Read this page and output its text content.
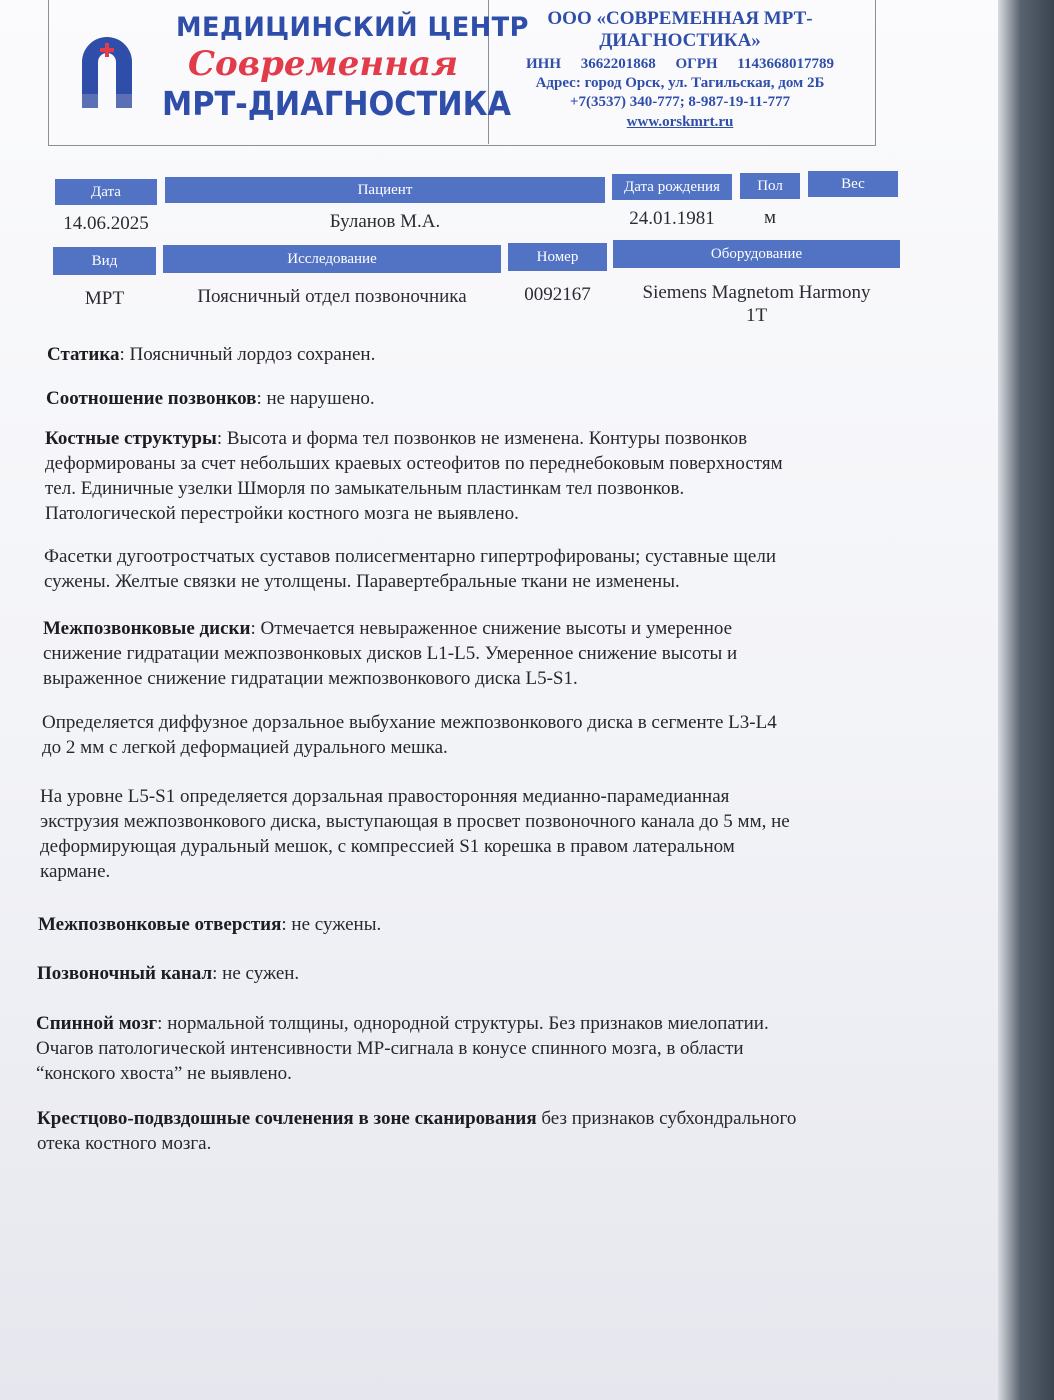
МЕДИЦИНСКИЙ ЦЕНТР
Современная
МРТ-ДИАГНОСТИКА
ООО «СОВРЕМЕННАЯ МРТ-ДИАГНОСТИКА»
ИНН 3662201868 ОГРН 1143668017789
Адрес: город Орск, ул. Тагильская, дом 2Б
+7(3537) 340-777; 8-987-19-11-777
www.orskmrt.ru
Дата	Пациент	Дата рождения	Пол	Вес
14.06.2025	Буланов М.А.	24.01.1981	м
Вид	Исследование	Номер	Оборудование
МРТ	Поясничный отдел позвоночника	0092167	Siemens Magnetom Harmony
1T

Статика: Поясничный лордоз сохранен.

Соотношение позвонков: не нарушено.

Костные структуры: Высота и форма тел позвонков не изменена. Контуры позвонков
деформированы за счет небольших краевых остеофитов по переднебоковым поверхностям
тел. Единичные узелки Шморля по замыкательным пластинкам тел позвонков.
Патологической перестройки костного мозга не выявлено.

Фасетки дугоотростчатых суставов полисегментарно гипертрофированы; суставные щели
сужены. Желтые связки не утолщены. Паравертебральные ткани не изменены.

Межпозвонковые диски: Отмечается невыраженное снижение высоты и умеренное
снижение гидратации межпозвонковых дисков L1-L5. Умеренное снижение высоты и
выраженное снижение гидратации межпозвонкового диска L5-S1.

Определяется диффузное дорзальное выбухание межпозвонкового диска в сегменте L3-L4
до 2 мм с легкой деформацией дурального мешка.

На уровне L5-S1 определяется дорзальная правосторонняя медианно-парамедианная
экструзия межпозвонкового диска, выступающая в просвет позвоночного канала до 5 мм, не
деформирующая дуральный мешок, с компрессией S1 корешка в правом латеральном
кармане.

Межпозвонковые отверстия: не сужены.

Позвоночный канал: не сужен.

Спинной мозг: нормальной толщины, однородной структуры. Без признаков миелопатии.
Очагов патологической интенсивности МР-сигнала в конусе спинного мозга, в области
“конского хвоста” не выявлено.

Крестцово-подвздошные сочленения в зоне сканирования без признаков субхондрального
отека костного мозга.
